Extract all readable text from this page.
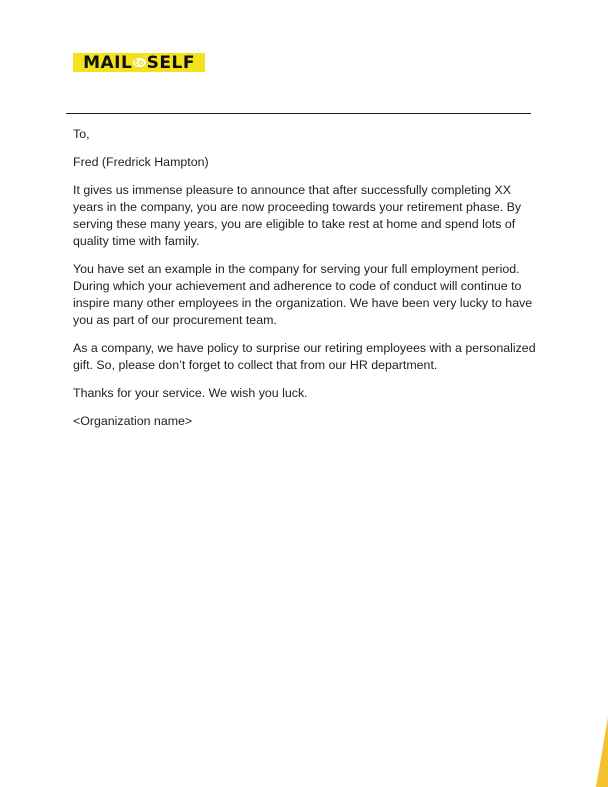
MAIL to SELF

To,

Fred (Fredrick Hampton)

It gives us immense pleasure to announce that after successfully completing XX years in the company, you are now proceeding towards your retirement phase. By serving these many years, you are eligible to take rest at home and spend lots of quality time with family.

You have set an example in the company for serving your full employment period. During which your achievement and adherence to code of conduct will continue to inspire many other employees in the organization. We have been very lucky to have you as part of our procurement team.

As a company, we have policy to surprise our retiring employees with a personalized gift. So, please don’t forget to collect that from our HR department.

Thanks for your service. We wish you luck.

<Organization name>
